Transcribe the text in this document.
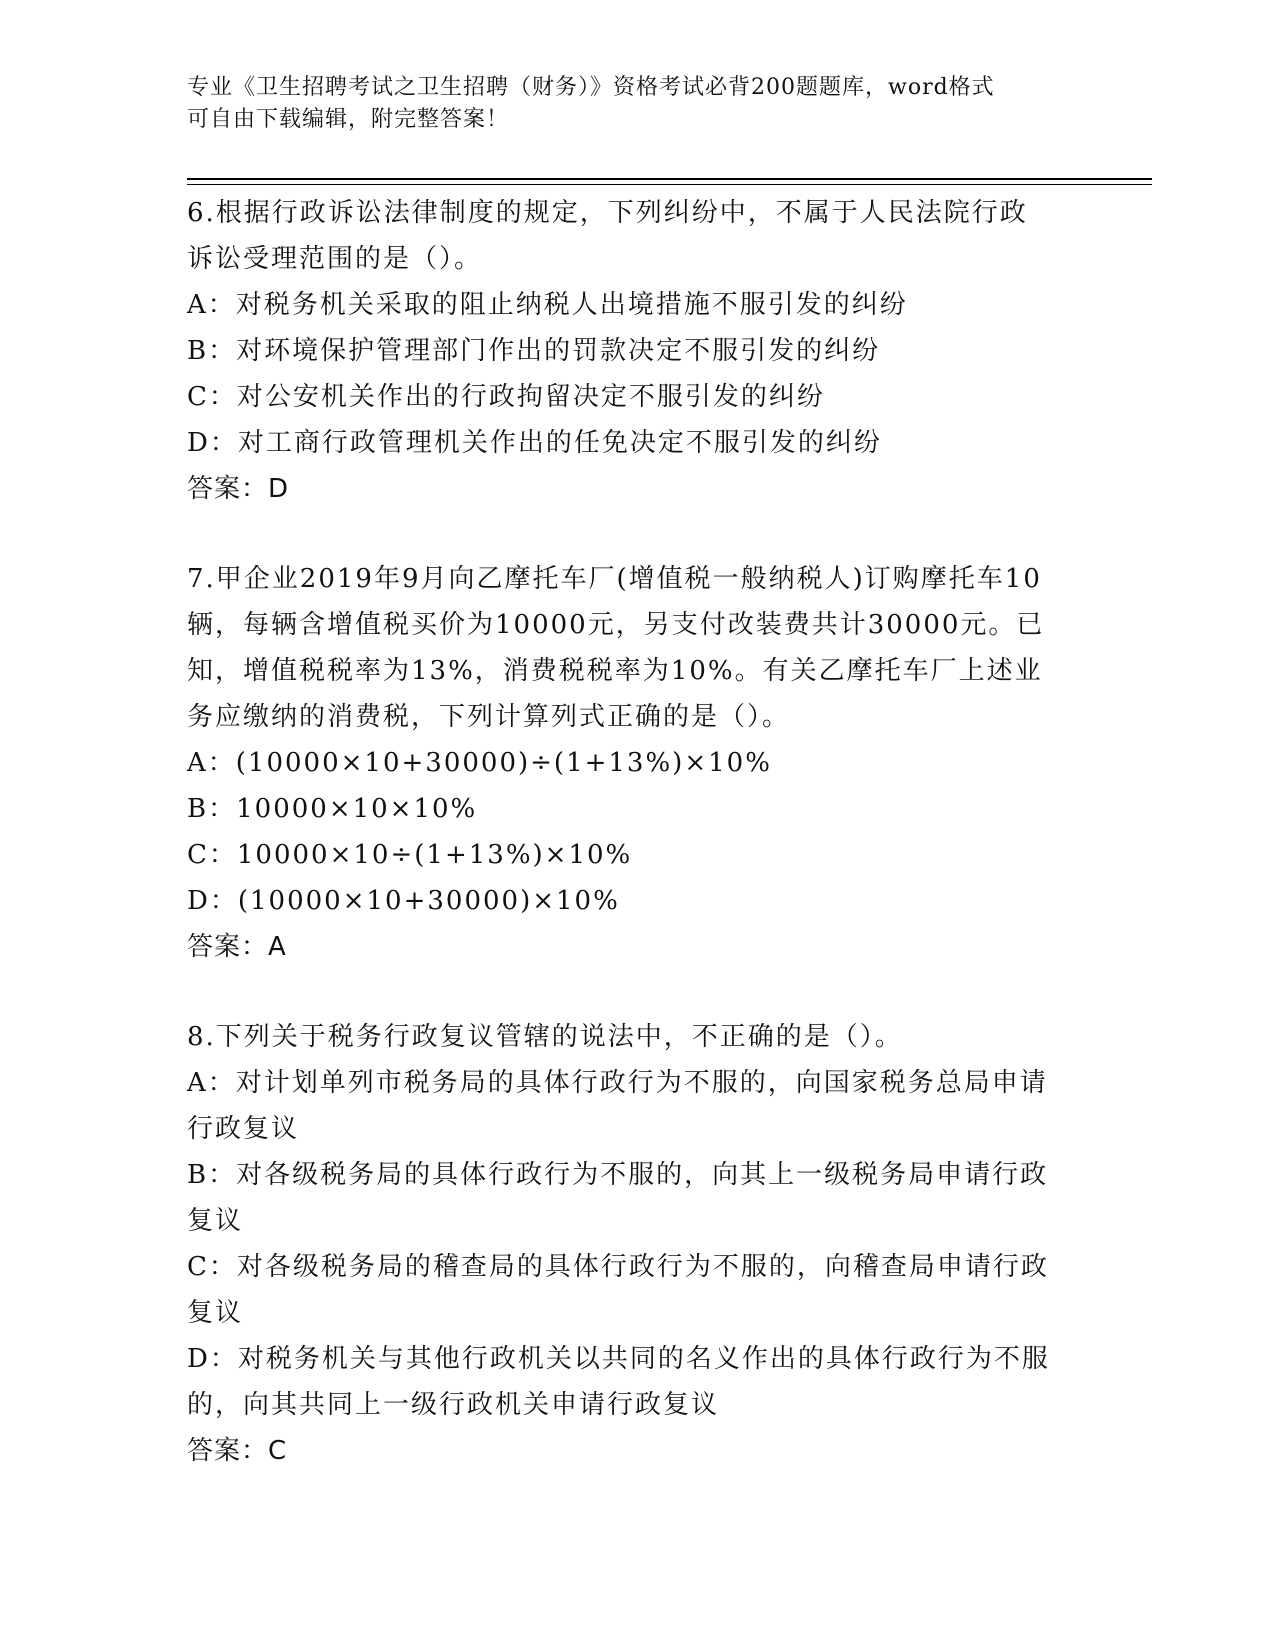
专业《卫生招聘考试之卫生招聘（财务）》资格考试必背200题题库，word格式
可自由下载编辑，附完整答案！
6.根据行政诉讼法律制度的规定，下列纠纷中，不属于人民法院行政
诉讼受理范围的是（）。
A：对税务机关采取的阻止纳税人出境措施不服引发的纠纷
B：对环境保护管理部门作出的罚款决定不服引发的纠纷
C：对公安机关作出的行政拘留决定不服引发的纠纷
D：对工商行政管理机关作出的任免决定不服引发的纠纷
答案：D
7.甲企业2019年9月向乙摩托车厂(增值税一般纳税人)订购摩托车10
辆，每辆含增值税买价为10000元，另支付改装费共计30000元。已
知，增值税税率为13%，消费税税率为10%。有关乙摩托车厂上述业
务应缴纳的消费税，下列计算列式正确的是（）。
A：(10000×10+30000)÷(1+13%)×10%
B：10000×10×10%
C：10000×10÷(1+13%)×10%
D：(10000×10+30000)×10%
答案：A
8.下列关于税务行政复议管辖的说法中，不正确的是（）。
A：对计划单列市税务局的具体行政行为不服的，向国家税务总局申请
行政复议
B：对各级税务局的具体行政行为不服的，向其上一级税务局申请行政
复议
C：对各级税务局的稽查局的具体行政行为不服的，向稽查局申请行政
复议
D：对税务机关与其他行政机关以共同的名义作出的具体行政行为不服
的，向其共同上一级行政机关申请行政复议
答案：C
